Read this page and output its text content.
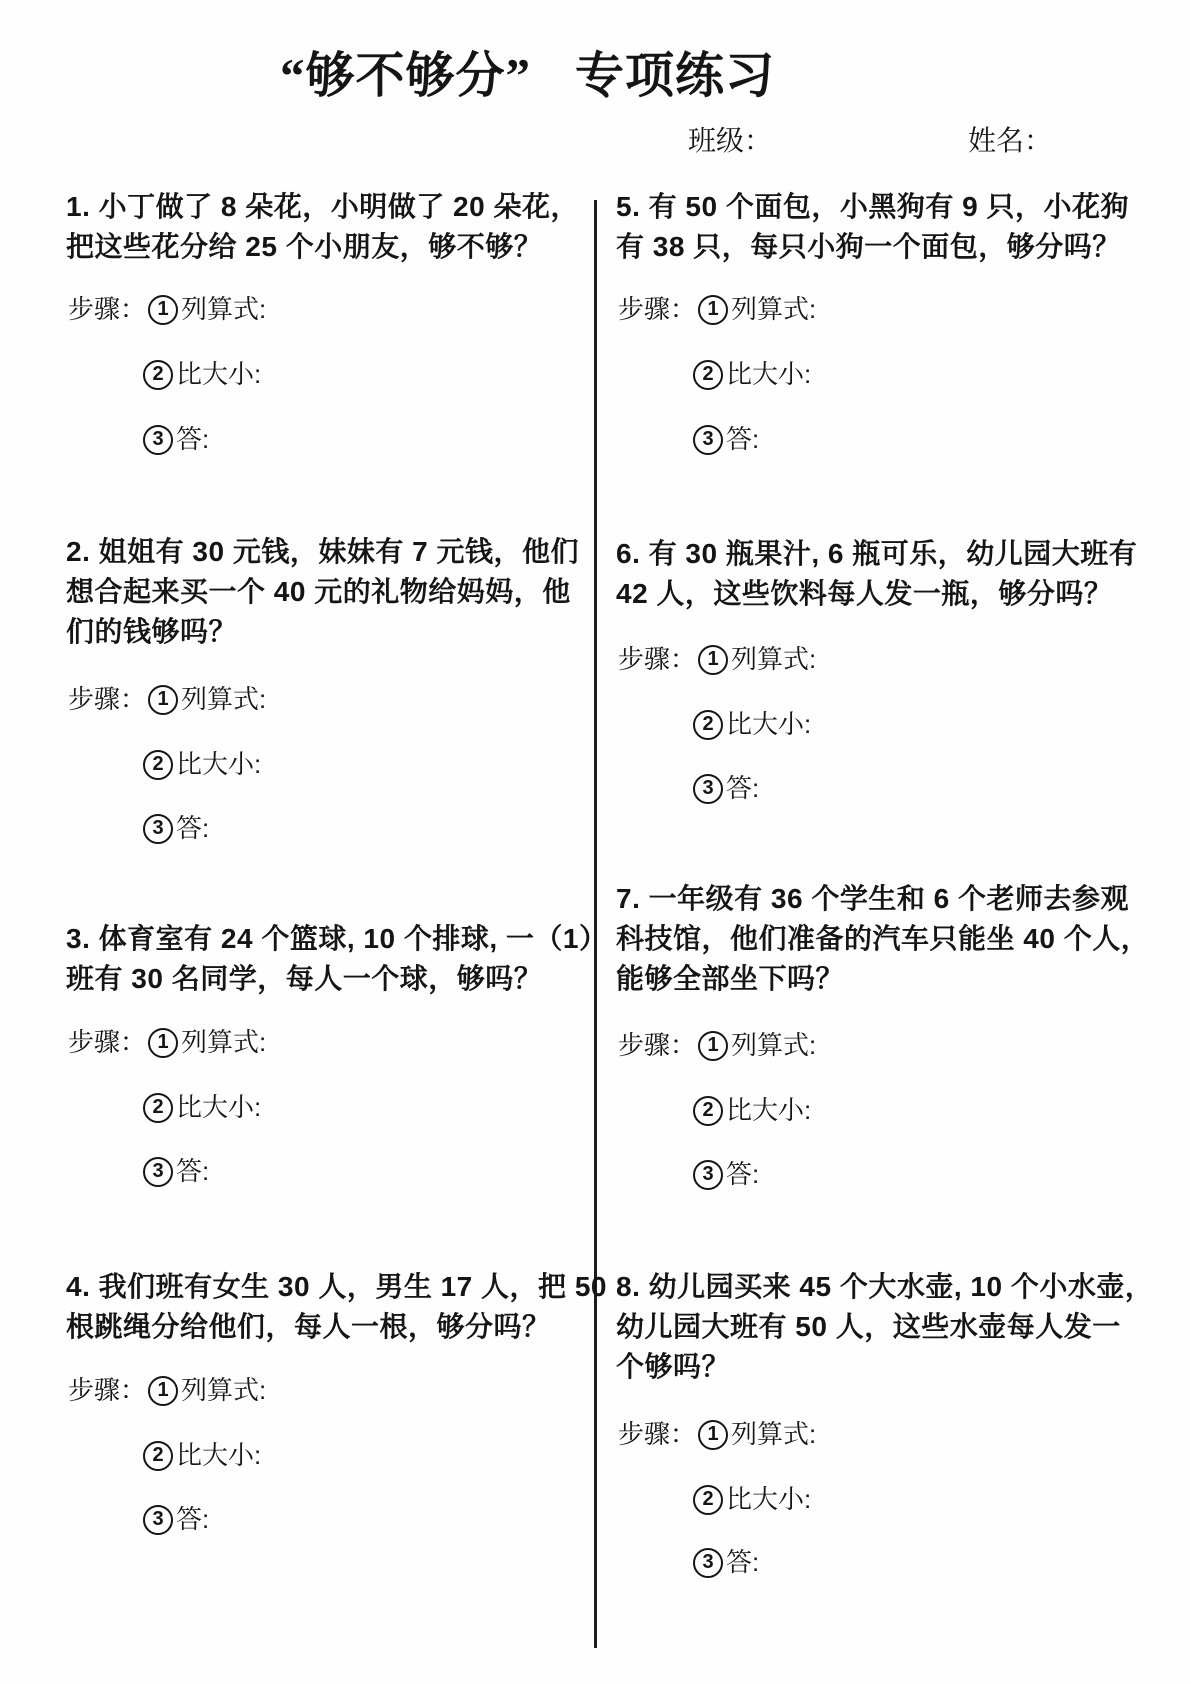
“够不够分” 专项练习
班级：	姓名：
1. 小丁做了 8 朵花，小明做了 20 朵花，
把这些花分给 25 个小朋友，够不够？
步骤： 1 列算式:
2 比大小:
3 答:
2. 姐姐有 30 元钱，妹妹有 7 元钱，他们
想合起来买一个 40 元的礼物给妈妈，他
们的钱够吗？
步骤： 1 列算式:
2 比大小:
3 答:
3. 体育室有 24 个篮球, 10 个排球, 一（1）
班有 30 名同学，每人一个球，够吗？
步骤： 1 列算式:
2 比大小:
3 答:
4. 我们班有女生 30 人，男生 17 人，把 50
根跳绳分给他们，每人一根，够分吗？
步骤： 1 列算式:
2 比大小:
3 答:
5. 有 50 个面包，小黑狗有 9 只，小花狗
有 38 只，每只小狗一个面包，够分吗？
步骤： 1 列算式:
2 比大小:
3 答:
6. 有 30 瓶果汁, 6 瓶可乐，幼儿园大班有
42 人，这些饮料每人发一瓶，够分吗？
步骤： 1 列算式:
2 比大小:
3 答:
7. 一年级有 36 个学生和 6 个老师去参观
科技馆，他们准备的汽车只能坐 40 个人，
能够全部坐下吗？
步骤： 1 列算式:
2 比大小:
3 答:
8. 幼儿园买来 45 个大水壶, 10 个小水壶，
幼儿园大班有 50 人，这些水壶每人发一
个够吗？
步骤： 1 列算式:
2 比大小:
3 答:
